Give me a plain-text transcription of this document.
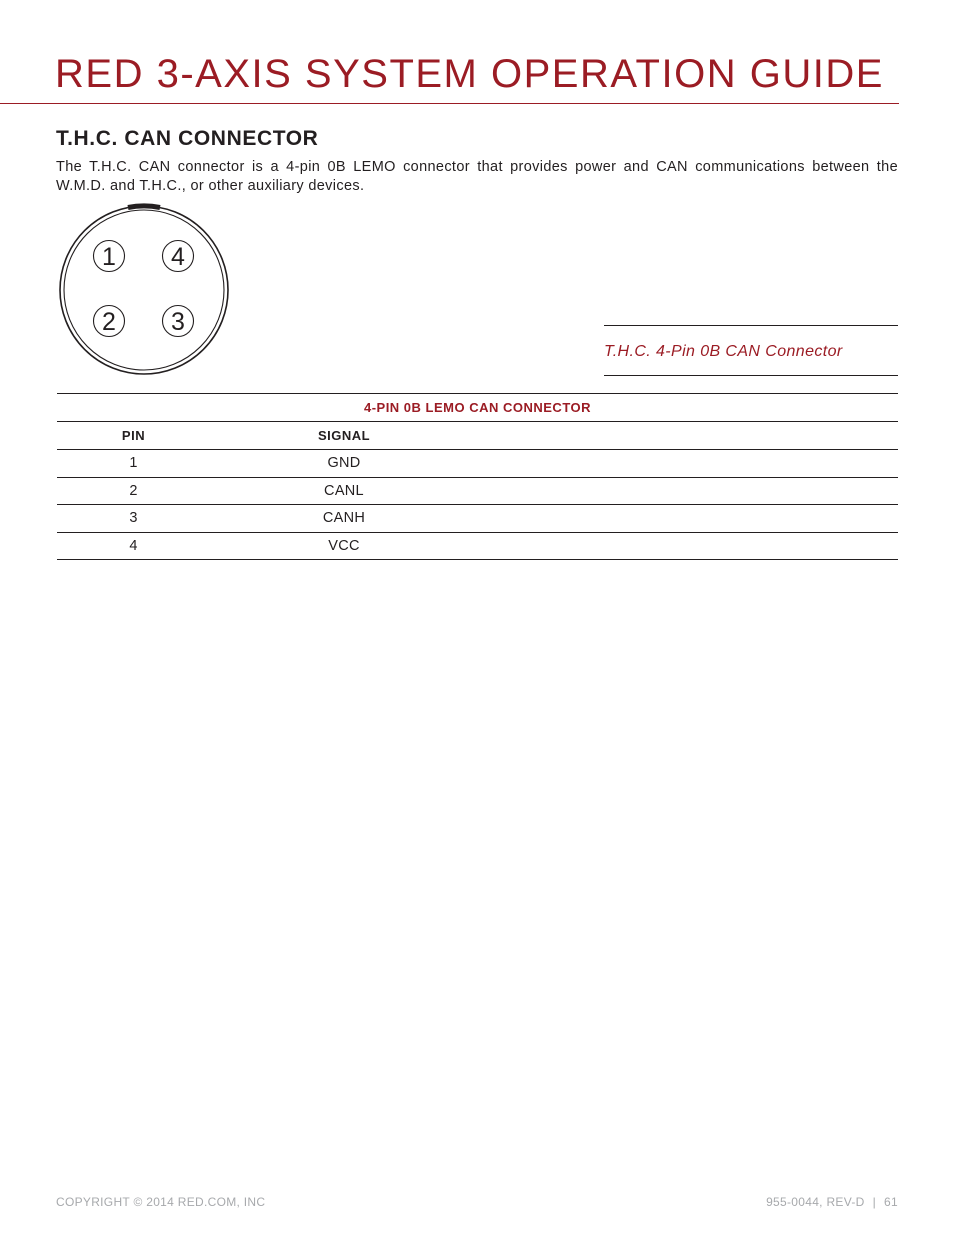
RED 3-AXIS SYSTEM OPERATION GUIDE
T.H.C. CAN CONNECTOR

The T.H.C. CAN connector is a 4-pin 0B LEMO connector that provides power and CAN communications between the W.M.D. and T.H.C., or other auxiliary devices.

1 4
2 3

T.H.C. 4-Pin 0B CAN Connector

4-PIN 0B LEMO CAN CONNECTOR		
PIN	SIGNAL	
1	GND	
2	CANL	
3	CANH	
4	VCC	

COPYRIGHT © 2014 RED.COM, INC	955-0044, REV-D | 61
